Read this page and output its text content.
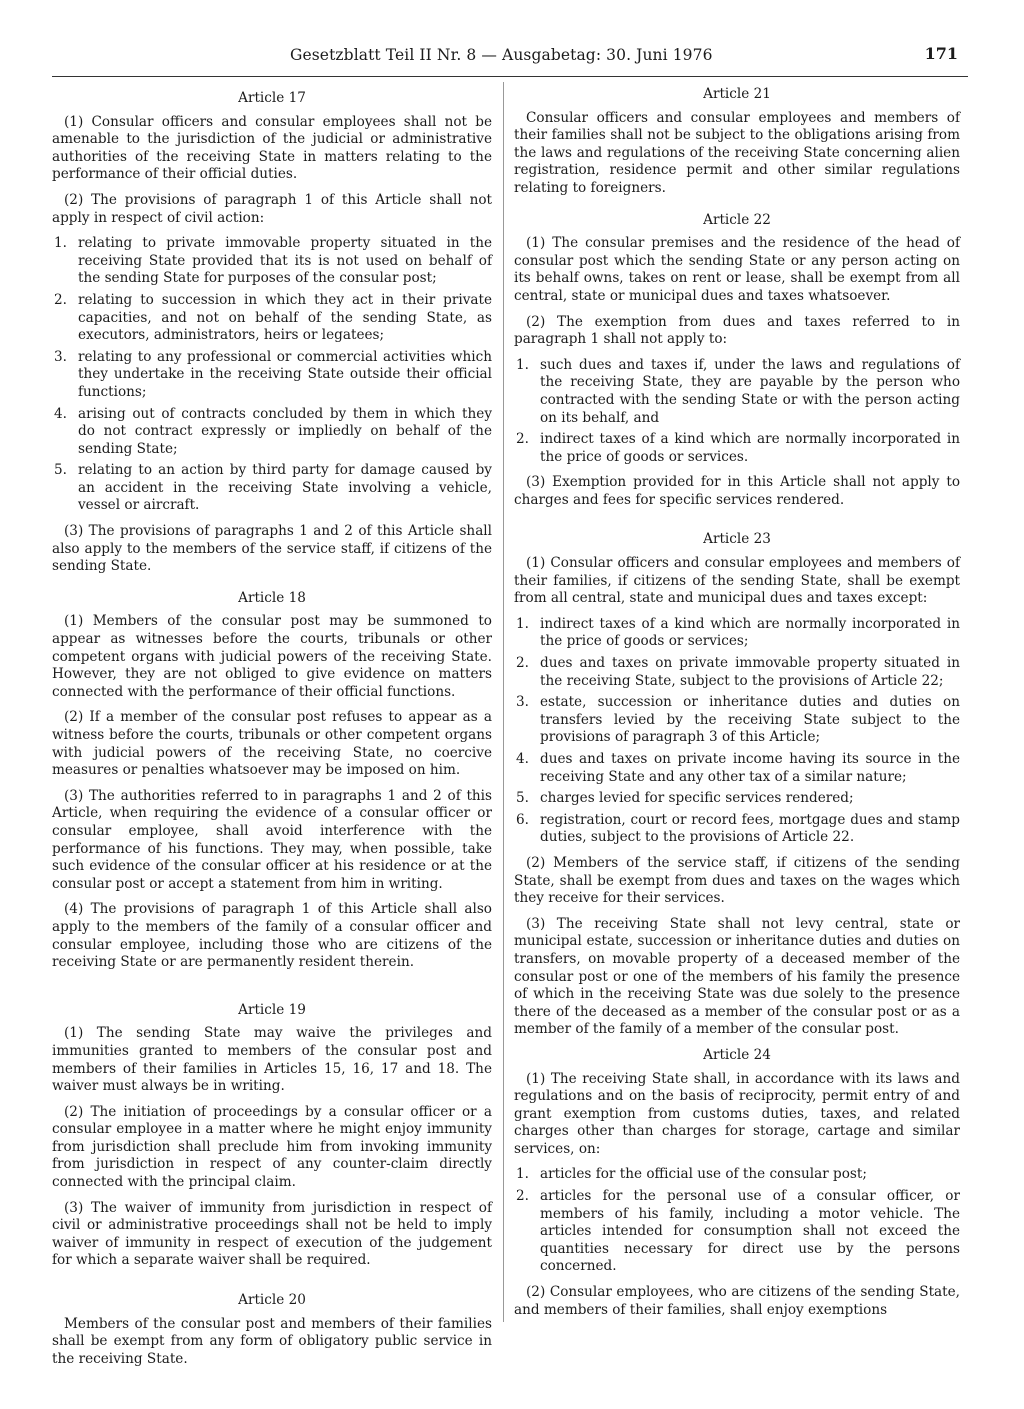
Gesetzblatt Teil II Nr. 8 — Ausgabetag: 30. Juni 1976	171
Article 17

(1) Consular officers and consular employees shall not be amenable to the jurisdiction of the judicial or administrative authorities of the receiving State in matters relating to the performance of their official duties.

(2) The provisions of paragraph 1 of this Article shall not apply in respect of civil action:

1. relating to private immovable property situated in the receiving State provided that its is not used on behalf of the sending State for purposes of the consular post;
2. relating to succession in which they act in their private capacities, and not on behalf of the sending State, as executors, administrators, heirs or legatees;
3. relating to any professional or commercial activities which they undertake in the receiving State outside their official functions;
4. arising out of contracts concluded by them in which they do not contract expressly or impliedly on behalf of the sending State;
5. relating to an action by third party for damage caused by an accident in the receiving State involving a vehicle, vessel or aircraft.

(3) The provisions of paragraphs 1 and 2 of this Article shall also apply to the members of the service staff, if citizens of the sending State.

Article 18

(1) Members of the consular post may be summoned to appear as witnesses before the courts, tribunals or other competent organs with judicial powers of the receiving State. However, they are not obliged to give evidence on matters connected with the performance of their official functions.

(2) If a member of the consular post refuses to appear as a witness before the courts, tribunals or other competent organs with judicial powers of the receiving State, no coercive measures or penalties whatsoever may be imposed on him.

(3) The authorities referred to in paragraphs 1 and 2 of this Article, when requiring the evidence of a consular officer or consular employee, shall avoid interference with the performance of his functions. They may, when possible, take such evidence of the consular officer at his residence or at the consular post or accept a statement from him in writing.

(4) The provisions of paragraph 1 of this Article shall also apply to the members of the family of a consular officer and consular employee, including those who are citizens of the receiving State or are permanently resident therein.

Article 19

(1) The sending State may waive the privileges and immunities granted to members of the consular post and members of their families in Articles 15, 16, 17 and 18. The waiver must always be in writing.

(2) The initiation of proceedings by a consular officer or a consular employee in a matter where he might enjoy immunity from jurisdiction shall preclude him from invoking immunity from jurisdiction in respect of any counter-claim directly connected with the principal claim.

(3) The waiver of immunity from jurisdiction in respect of civil or administrative proceedings shall not be held to imply waiver of immunity in respect of execution of the judgement for which a separate waiver shall be required.

Article 20

Members of the consular post and members of their families shall be exempt from any form of obligatory public service in the receiving State.

Article 21

Consular officers and consular employees and members of their families shall not be subject to the obligations arising from the laws and regulations of the receiving State concerning alien registration, residence permit and other similar regulations relating to foreigners.

Article 22

(1) The consular premises and the residence of the head of consular post which the sending State or any person acting on its behalf owns, takes on rent or lease, shall be exempt from all central, state or municipal dues and taxes whatsoever.

(2) The exemption from dues and taxes referred to in paragraph 1 shall not apply to:

1. such dues and taxes if, under the laws and regulations of the receiving State, they are payable by the person who contracted with the sending State or with the person acting on its behalf, and
2. indirect taxes of a kind which are normally incorporated in the price of goods or services.

(3) Exemption provided for in this Article shall not apply to charges and fees for specific services rendered.

Article 23

(1) Consular officers and consular employees and members of their families, if citizens of the sending State, shall be exempt from all central, state and municipal dues and taxes except:

1. indirect taxes of a kind which are normally incorporated in the price of goods or services;
2. dues and taxes on private immovable property situated in the receiving State, subject to the provisions of Article 22;
3. estate, succession or inheritance duties and duties on transfers levied by the receiving State subject to the provisions of paragraph 3 of this Article;
4. dues and taxes on private income having its source in the receiving State and any other tax of a similar nature;
5. charges levied for specific services rendered;
6. registration, court or record fees, mortgage dues and stamp duties, subject to the provisions of Article 22.

(2) Members of the service staff, if citizens of the sending State, shall be exempt from dues and taxes on the wages which they receive for their services.

(3) The receiving State shall not levy central, state or municipal estate, succession or inheritance duties and duties on transfers, on movable property of a deceased member of the consular post or one of the members of his family the presence of which in the receiving State was due solely to the presence there of the deceased as a member of the consular post or as a member of the family of a member of the consular post.

Article 24

(1) The receiving State shall, in accordance with its laws and regulations and on the basis of reciprocity, permit entry of and grant exemption from customs duties, taxes, and related charges other than charges for storage, cartage and similar services, on:

1. articles for the official use of the consular post;
2. articles for the personal use of a consular officer, or members of his family, including a motor vehicle. The articles intended for consumption shall not exceed the quantities necessary for direct use by the persons concerned.

(2) Consular employees, who are citizens of the sending State, and members of their families, shall enjoy exemptions
